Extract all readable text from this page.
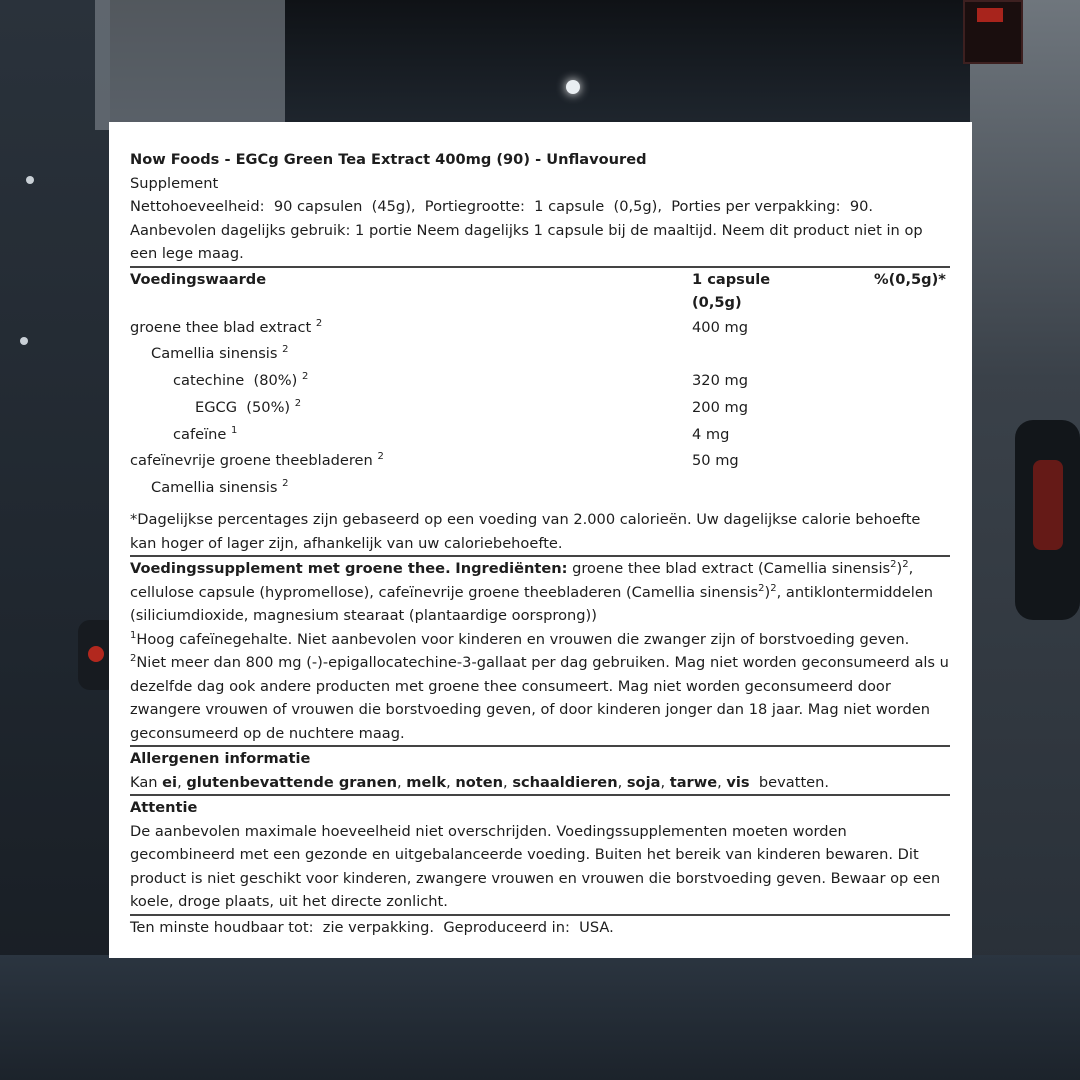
Now Foods - EGCg Green Tea Extract 400mg (90) - Unflavoured
Supplement
Nettohoeveelheid:  90 capsulen  (45g),  Portiegrootte:  1 capsule  (0,5g),  Porties per verpakking:  90.
Aanbevolen dagelijks gebruik: 1 portie Neem dagelijks 1 capsule bij de maaltijd. Neem dit product niet in op een lege maag.
Voedingswaarde	1 capsule (0,5g)	%(0,5g)*
groene thee blad extract $^2$	400 mg	
Camellia sinensis $^2$		
catechine  (80%) $^2$	320 mg	
EGCG  (50%) $^2$	200 mg	
cafeïne $^1$	4 mg	
cafeïnevrije groene theebladeren $^2$	50 mg	
Camellia sinensis $^2$		
*Dagelijkse percentages zijn gebaseerd op een voeding van 2.000 calorieën. Uw dagelijkse calorie behoefte kan hoger of lager zijn, afhankelijk van uw caloriebehoefte.
Voedingssupplement met groene thee. Ingrediënten: groene thee blad extract (Camellia sinensis$^2$)$^2$, cellulose capsule (hypromellose), cafeïnevrije groene theebladeren (Camellia sinensis$^2$)$^2$, antiklontermiddelen (siliciumdioxide, magnesium stearaat (plantaardige oorsprong))
$^1$Hoog cafeïnegehalte. Niet aanbevolen voor kinderen en vrouwen die zwanger zijn of borstvoeding geven.
$^2$Niet meer dan 800 mg (-)-epigallocatechine-3-gallaat per dag gebruiken. Mag niet worden geconsumeerd als u dezelfde dag ook andere producten met groene thee consumeert. Mag niet worden geconsumeerd door zwangere vrouwen of vrouwen die borstvoeding geven, of door kinderen jonger dan 18 jaar. Mag niet worden geconsumeerd op de nuchtere maag.
Allergenen informatie
Kan ei, glutenbevattende granen, melk, noten, schaaldieren, soja, tarwe, vis  bevatten.
Attentie
De aanbevolen maximale hoeveelheid niet overschrijden. Voedingssupplementen moeten worden gecombineerd met een gezonde en uitgebalanceerde voeding. Buiten het bereik van kinderen bewaren. Dit product is niet geschikt voor kinderen, zwangere vrouwen en vrouwen die borstvoeding geven. Bewaar op een koele, droge plaats, uit het directe zonlicht.
Ten minste houdbaar tot:  zie verpakking.  Geproduceerd in:  USA.
